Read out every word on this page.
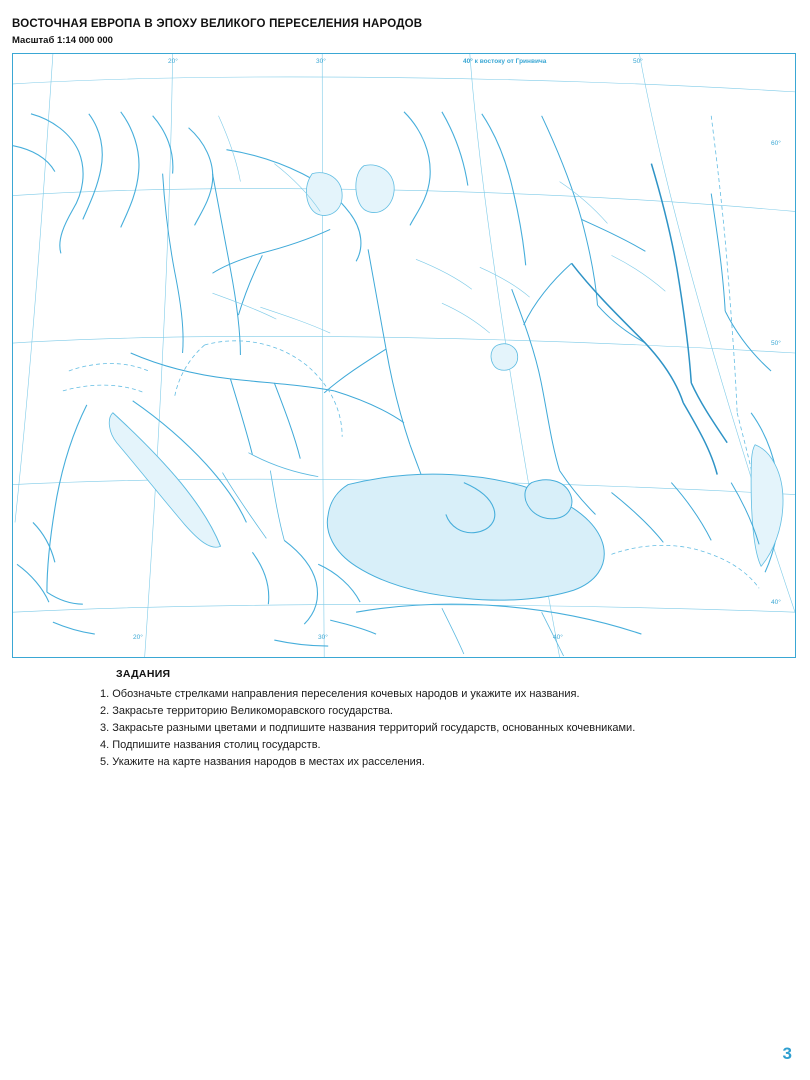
ВОСТОЧНАЯ ЕВРОПА В ЭПОХУ ВЕЛИКОГО ПЕРЕСЕЛЕНИЯ НАРОДОВ
Масштаб 1:14 000 000
20°	30°	40° к востоку от Гринвича	50°
60°
50°
40°
20°	30°	40°
ЗАДАНИЯ
1. Обозначьте стрелками направления переселения кочевых народов и укажите их названия.
2. Закрасьте территорию Великоморавского государства.
3. Закрасьте разными цветами и подпишите названия территорий государств, основанных кочевниками.
4. Подпишите названия столиц государств.
5. Укажите на карте названия народов в местах их расселения.
3
